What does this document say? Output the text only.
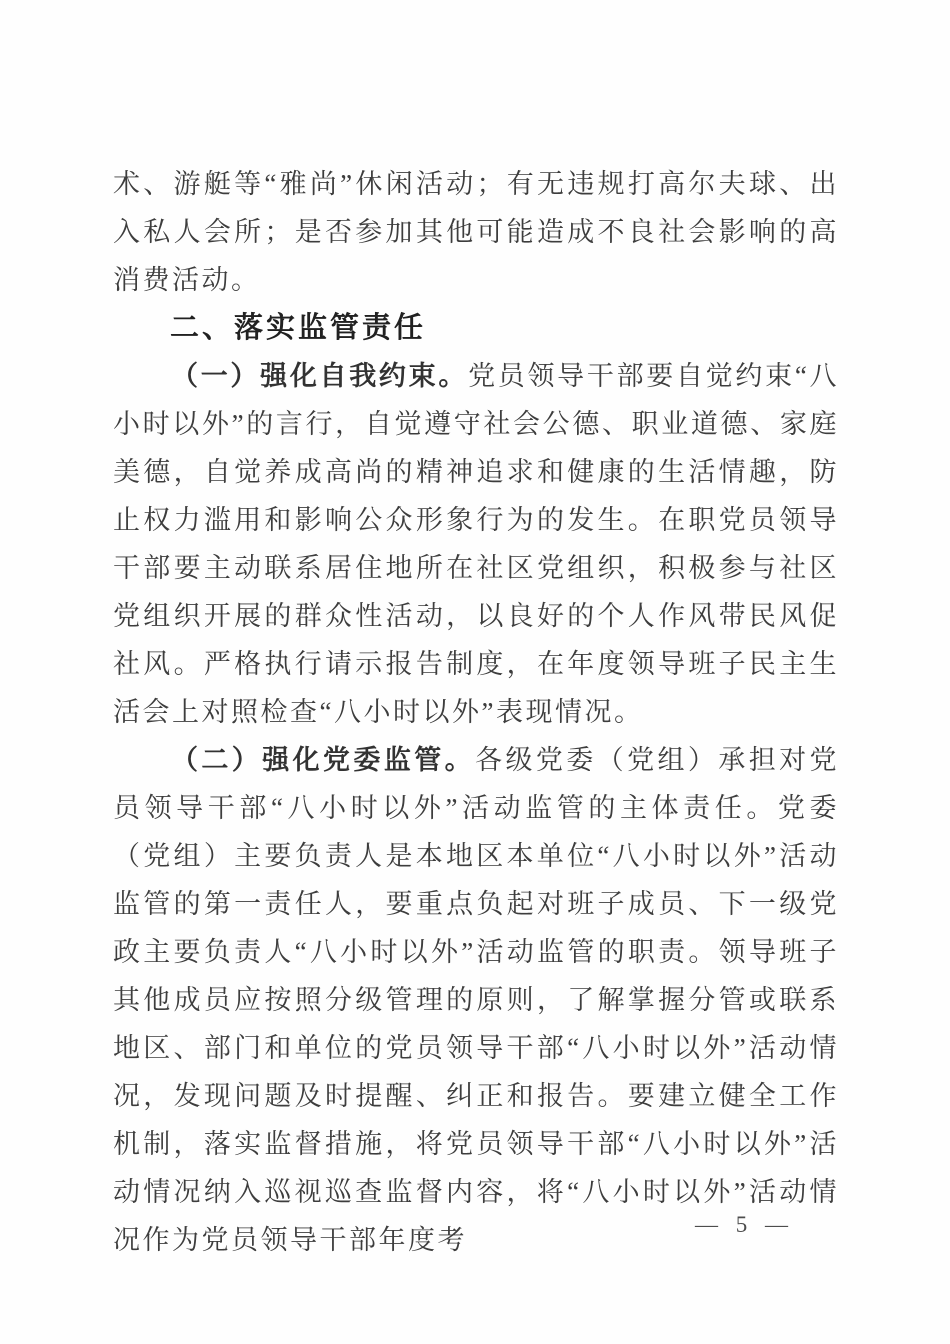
术、游艇等“雅尚”休闲活动；有无违规打高尔夫球、出入私人会所；是否参加其他可能造成不良社会影响的高消费活动。

二、落实监管责任

（一）强化自我约束。党员领导干部要自觉约束“八小时以外”的言行，自觉遵守社会公德、职业道德、家庭美德，自觉养成高尚的精神追求和健康的生活情趣，防止权力滥用和影响公众形象行为的发生。在职党员领导干部要主动联系居住地所在社区党组织，积极参与社区党组织开展的群众性活动，以良好的个人作风带民风促社风。严格执行请示报告制度，在年度领导班子民主生活会上对照检查“八小时以外”表现情况。

（二）强化党委监管。各级党委（党组）承担对党员领导干部“八小时以外”活动监管的主体责任。党委（党组）主要负责人是本地区本单位“八小时以外”活动监管的第一责任人，要重点负起对班子成员、下一级党政主要负责人“八小时以外”活动监管的职责。领导班子其他成员应按照分级管理的原则，了解掌握分管或联系地区、部门和单位的党员领导干部“八小时以外”活动情况，发现问题及时提醒、纠正和报告。要建立健全工作机制，落实监督措施，将党员领导干部“八小时以外”活动情况纳入巡视巡查监督内容，将“八小时以外”活动情况作为党员领导干部年度考

— 5 —
